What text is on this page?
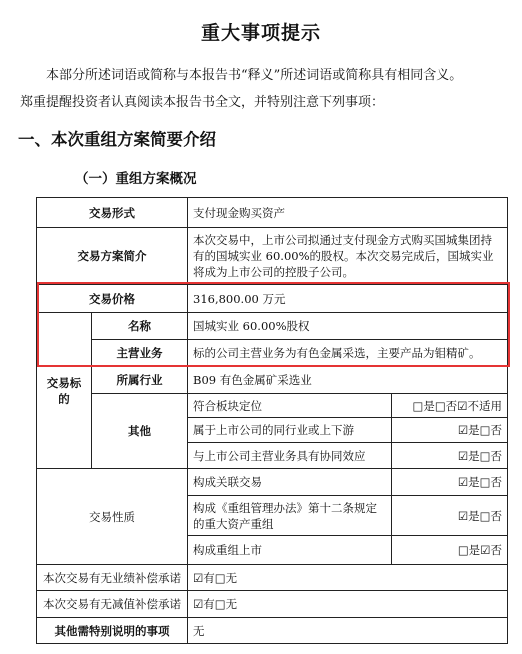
重大事项提示
本部分所述词语或简称与本报告书“释义”所述词语或简称具有相同含义。
郑重提醒投资者认真阅读本报告书全文，并特别注意下列事项：
一、本次重组方案简要介绍
（一）重组方案概况
交易形式		支付现金购买资产	
交易方案简介		本次交易中，上市公司拟通过支付现金方式购买国城集团持有的国城实业 60.00%的股权。本次交易完成后，国城实业将成为上市公司的控股子公司。	
交易价格		316,800.00 万元	
交易标的	名称	国城实业 60.00%股权	
	主营业务	标的公司主营业务为有色金属采选，主要产品为钼精矿。	
	所属行业	B09 有色金属矿采选业	
	其他	符合板块定位	□是□否☑不适用
		属于上市公司的同行业或上下游	☑是□否
		与上市公司主营业务具有协同效应	☑是□否
交易性质		构成关联交易	☑是□否
		构成《重组管理办法》第十二条规定的重大资产重组	☑是□否
		构成重组上市	□是☑否
本次交易有无业绩补偿承诺		☑有□无	
本次交易有无减值补偿承诺		☑有□无	
其他需特别说明的事项		无	
